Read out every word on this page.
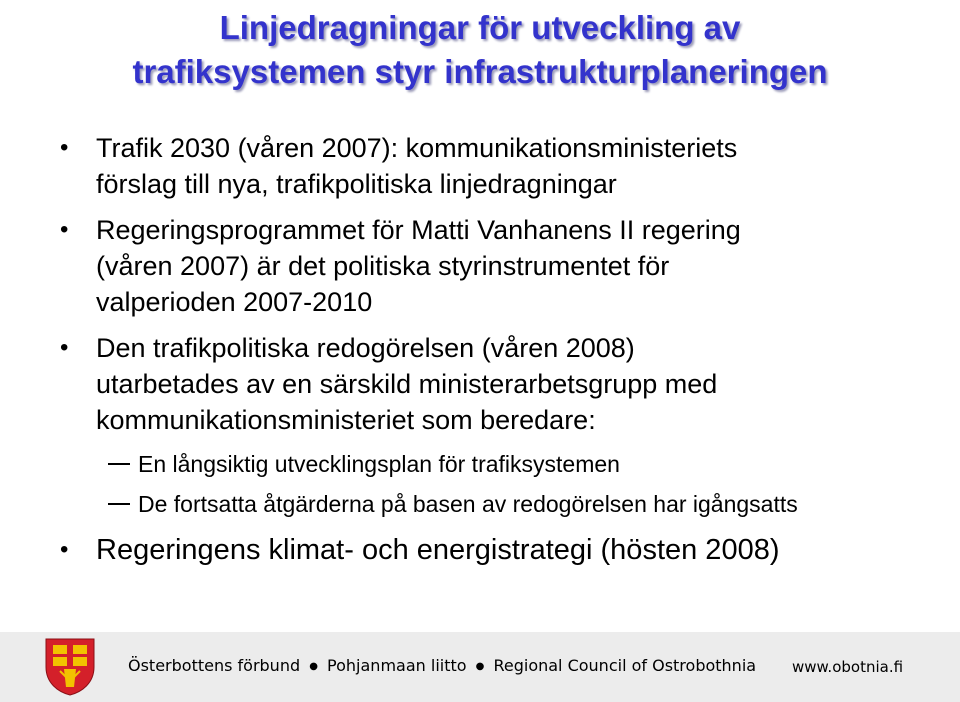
Linjedragningar för utveckling av
trafiksystemen styr infrastrukturplaneringen
• Trafik 2030 (våren 2007): kommunikationsministeriets
förslag till nya, trafikpolitiska linjedragningar
• Regeringsprogrammet för Matti Vanhanens II regering
(våren 2007) är det politiska styrinstrumentet för
valperioden 2007-2010
• Den trafikpolitiska redogörelsen (våren 2008)
utarbetades av en särskild ministerarbetsgrupp med
kommunikationsministeriet som beredare:
En långsiktig utvecklingsplan för trafiksystemen
De fortsatta åtgärderna på basen av redogörelsen har igångsatts
• Regeringens klimat- och energistrategi (hösten 2008)
Österbottens förbund ● Pohjanmaan liitto ● Regional Council of Ostrobothnia www.obotnia.fi
